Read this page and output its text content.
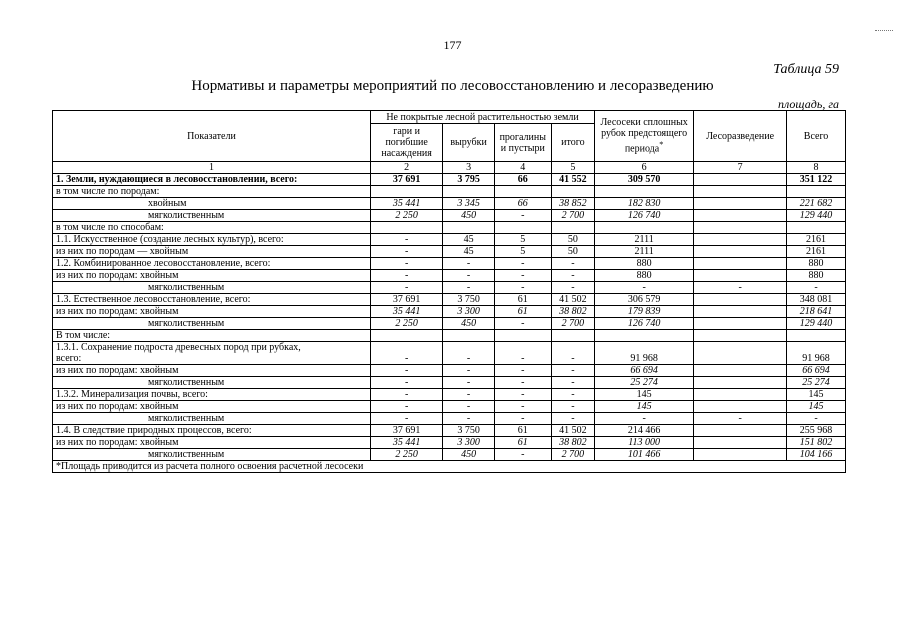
177
Таблица 59
Нормативы и параметры мероприятий по лесовосстановлению и лесоразведению
площадь, га
Показатели	Не покрытые лесной растительностью земли				Лесосеки сплошных рубок предстоящего периода*	Лесоразведение	Всего
	гари и погибшие насаждения	вырубки	прогалины и пустыри	итого			
1	2	3	4	5	6	7	8
1. Земли, нуждающиеся в лесовосстановлении, всего:	37 691	3 795	66	41 552	309 570		351 122
в том числе по породам:							
хвойным	35 441	3 345	66	38 852	182 830		221 682
мягколиственным	2 250	450	-	2 700	126 740		129 440
в том числе по способам:							
1.1. Искусственное (создание лесных культур), всего:	-	45	5	50	2111		2161
из них по породам — хвойным	-	45	5	50	2111		2161
1.2. Комбинированное лесовосстановление, всего:	-	-	-	-	880		880
из них по породам: хвойным	-	-	-	-	880		880
мягколиственным	-	-	-	-	-	-	-
1.3. Естественное лесовосстановление, всего:	37 691	3 750	61	41 502	306 579		348 081
из них по породам: хвойным	35 441	3 300	61	38 802	179 839		218 641
мягколиственным	2 250	450	-	2 700	126 740		129 440
В том числе:							
1.3.1. Сохранение подроста древесных пород при рубках,
всего:	-	-	-	-	91 968		91 968
из них по породам: хвойным	-	-	-	-	66 694		66 694
мягколиственным	-	-	-	-	25 274		25 274
1.3.2. Минерализация почвы, всего:	-	-	-	-	145		145
из них по породам: хвойным	-	-	-	-	145		145
мягколиственным	-	-	-	-	-	-	-
1.4. В следствие природных процессов, всего:	37 691	3 750	61	41 502	214 466		255 968
из них по породам: хвойным	35 441	3 300	61	38 802	113 000		151 802
мягколиственным	2 250	450	-	2 700	101 466		104 166
*Площадь приводится из расчета полного освоения расчетной лесосеки							
